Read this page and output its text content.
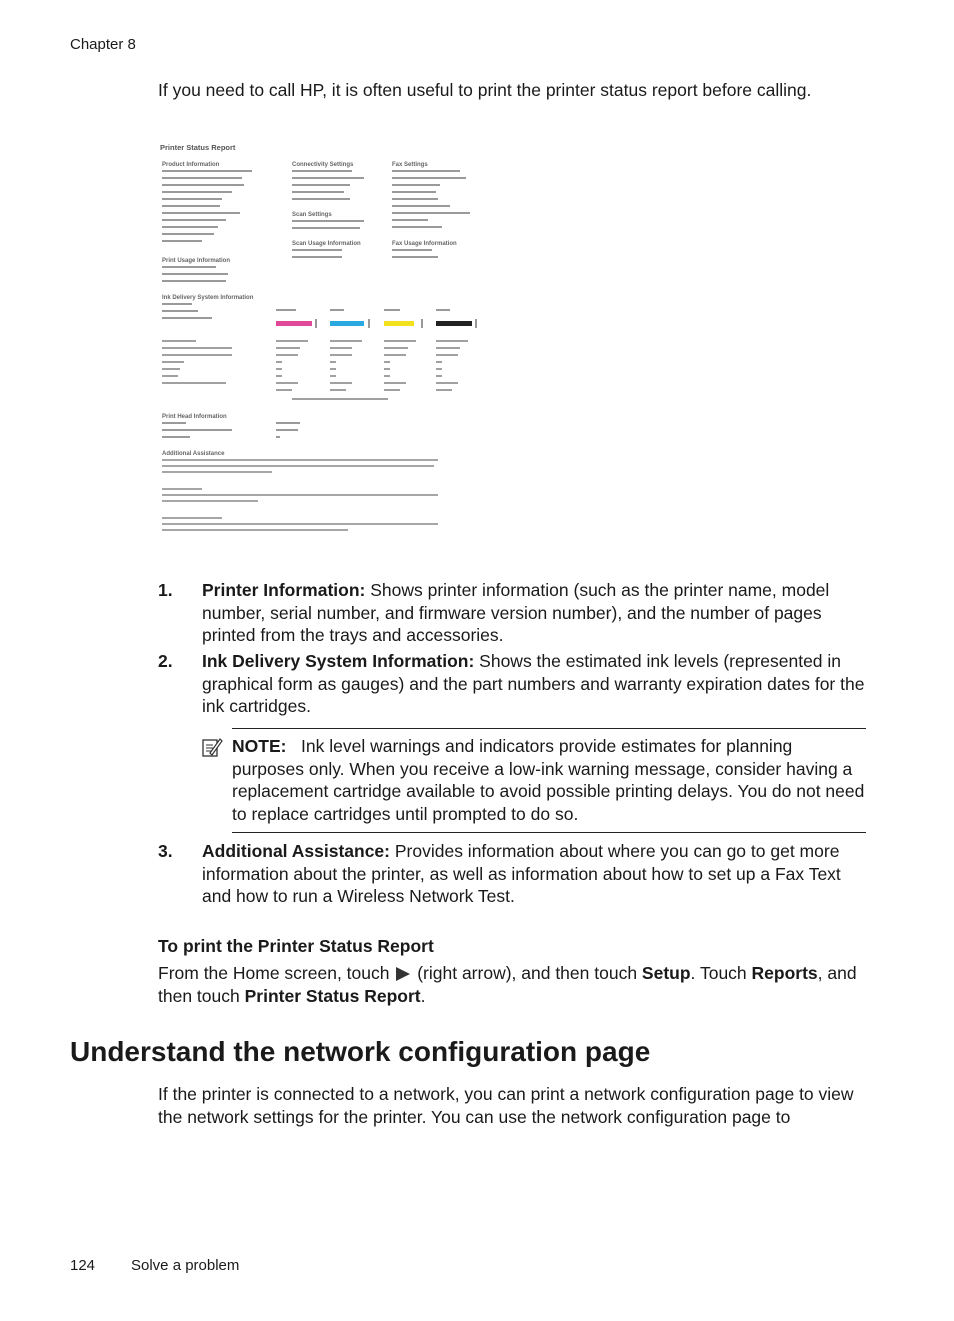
Chapter 8
If you need to call HP, it is often useful to print the printer status report before calling.
Printer Status Report
Product Information	Connectivity Settings
Scan Settings
Scan Usage Information
Fax Settings
Fax Usage Information
Print Usage Information
Ink Delivery System Information
Print Head Information
Additional Assistance
1. Printer Information: Shows printer information (such as the printer name, model number, serial number, and firmware version number), and the number of pages printed from the trays and accessories.
2. Ink Delivery System Information: Shows the estimated ink levels (represented in graphical form as gauges) and the part numbers and warranty expiration dates for the ink cartridges.
NOTE: Ink level warnings and indicators provide estimates for planning purposes only. When you receive a low-ink warning message, consider having a replacement cartridge available to avoid possible printing delays. You do not need to replace cartridges until prompted to do so.
3. Additional Assistance: Provides information about where you can go to get more information about the printer, as well as information about how to set up a Fax Text and how to run a Wireless Network Test.
To print the Printer Status Report
From the Home screen, touch  (right arrow), and then touch Setup. Touch Reports, and then touch Printer Status Report.
Understand the network configuration page
If the printer is connected to a network, you can print a network configuration page to view the network settings for the printer. You can use the network configuration page to
124 Solve a problem
